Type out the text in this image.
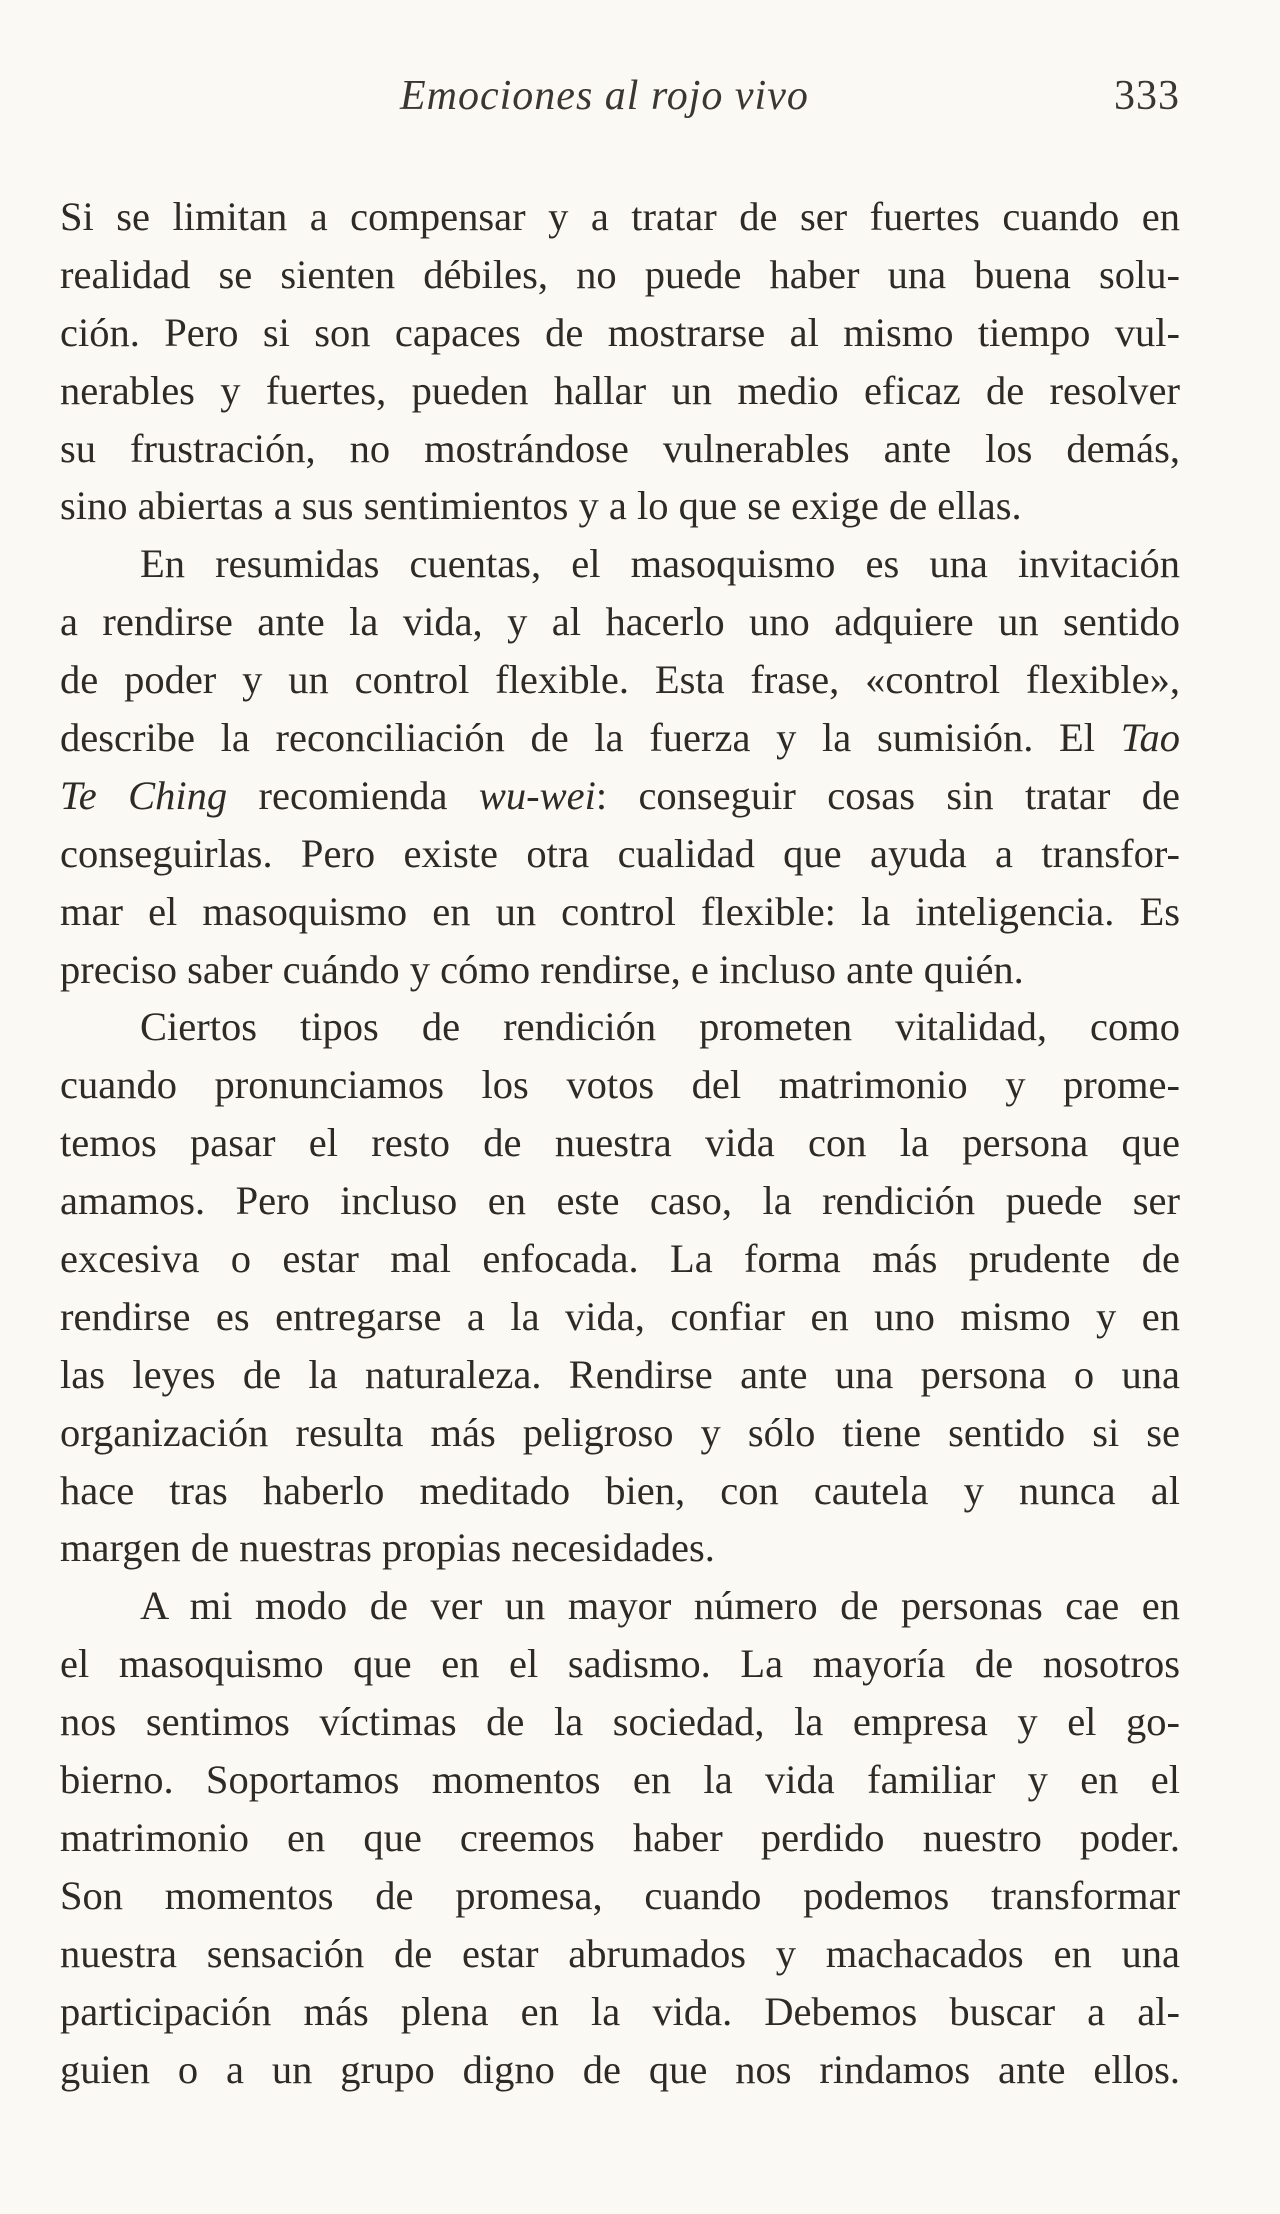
Emociones al rojo vivo	333
Si se limitan a compensar y a tratar de ser fuertes cuando en
realidad se sienten débiles, no puede haber una buena solu-
ción. Pero si son capaces de mostrarse al mismo tiempo vul-
nerables y fuertes, pueden hallar un medio eficaz de resolver
su frustración, no mostrándose vulnerables ante los demás,
sino abiertas a sus sentimientos y a lo que se exige de ellas.
En resumidas cuentas, el masoquismo es una invitación
a rendirse ante la vida, y al hacerlo uno adquiere un sentido
de poder y un control flexible. Esta frase, «control flexible»,
describe la reconciliación de la fuerza y la sumisión. El Tao
Te Ching recomienda wu-wei: conseguir cosas sin tratar de
conseguirlas. Pero existe otra cualidad que ayuda a transfor-
mar el masoquismo en un control flexible: la inteligencia. Es
preciso saber cuándo y cómo rendirse, e incluso ante quién.
Ciertos tipos de rendición prometen vitalidad, como
cuando pronunciamos los votos del matrimonio y prome-
temos pasar el resto de nuestra vida con la persona que
amamos. Pero incluso en este caso, la rendición puede ser
excesiva o estar mal enfocada. La forma más prudente de
rendirse es entregarse a la vida, confiar en uno mismo y en
las leyes de la naturaleza. Rendirse ante una persona o una
organización resulta más peligroso y sólo tiene sentido si se
hace tras haberlo meditado bien, con cautela y nunca al
margen de nuestras propias necesidades.
A mi modo de ver un mayor número de personas cae en
el masoquismo que en el sadismo. La mayoría de nosotros
nos sentimos víctimas de la sociedad, la empresa y el go-
bierno. Soportamos momentos en la vida familiar y en el
matrimonio en que creemos haber perdido nuestro poder.
Son momentos de promesa, cuando podemos transformar
nuestra sensación de estar abrumados y machacados en una
participación más plena en la vida. Debemos buscar a al-
guien o a un grupo digno de que nos rindamos ante ellos.
